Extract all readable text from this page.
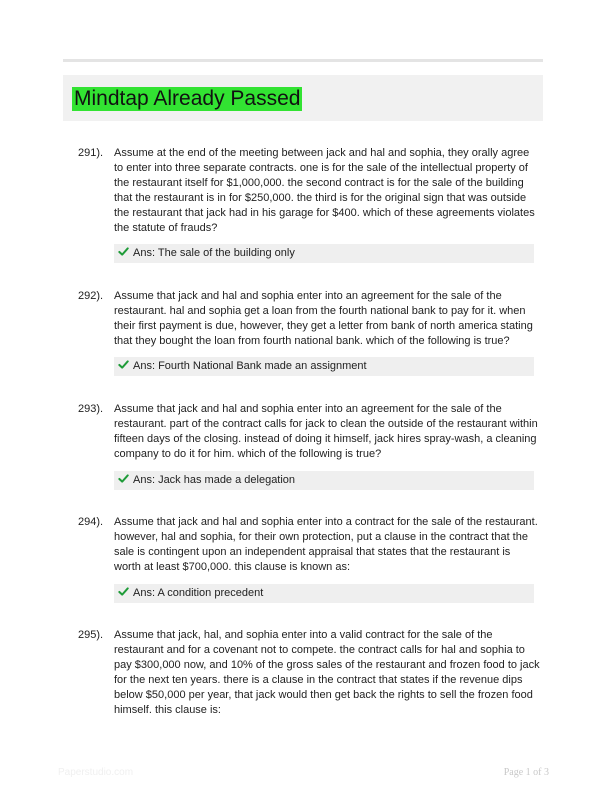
Mindtap Already Passed
291). Assume at the end of the meeting between jack and hal and sophia, they orally agree to enter into three separate contracts. one is for the sale of the intellectual property of the restaurant itself for $1,000,000. the second contract is for the sale of the building that the restaurant is in for $250,000. the third is for the original sign that was outside the restaurant that jack had in his garage for $400. which of these agreements violates the statute of frauds?

Ans: The sale of the building only
292). Assume that jack and hal and sophia enter into an agreement for the sale of the restaurant. hal and sophia get a loan from the fourth national bank to pay for it. when their first payment is due, however, they get a letter from bank of north america stating that they bought the loan from fourth national bank. which of the following is true?

Ans: Fourth National Bank made an assignment
293). Assume that jack and hal and sophia enter into an agreement for the sale of the restaurant. part of the contract calls for jack to clean the outside of the restaurant within fifteen days of the closing. instead of doing it himself, jack hires spray-wash, a cleaning company to do it for him. which of the following is true?

Ans: Jack has made a delegation
294). Assume that jack and hal and sophia enter into a contract for the sale of the restaurant. however, hal and sophia, for their own protection, put a clause in the contract that the sale is contingent upon an independent appraisal that states that the restaurant is worth at least $700,000. this clause is known as:

Ans: A condition precedent
295). Assume that jack, hal, and sophia enter into a valid contract for the sale of the restaurant and for a covenant not to compete. the contract calls for hal and sophia to pay $300,000 now, and 10% of the gross sales of the restaurant and frozen food to jack for the next ten years. there is a clause in the contract that states if the revenue dips below $50,000 per year, that jack would then get back the rights to sell the frozen food himself. this clause is:

Paperstudio.com	Page 1 of 3
